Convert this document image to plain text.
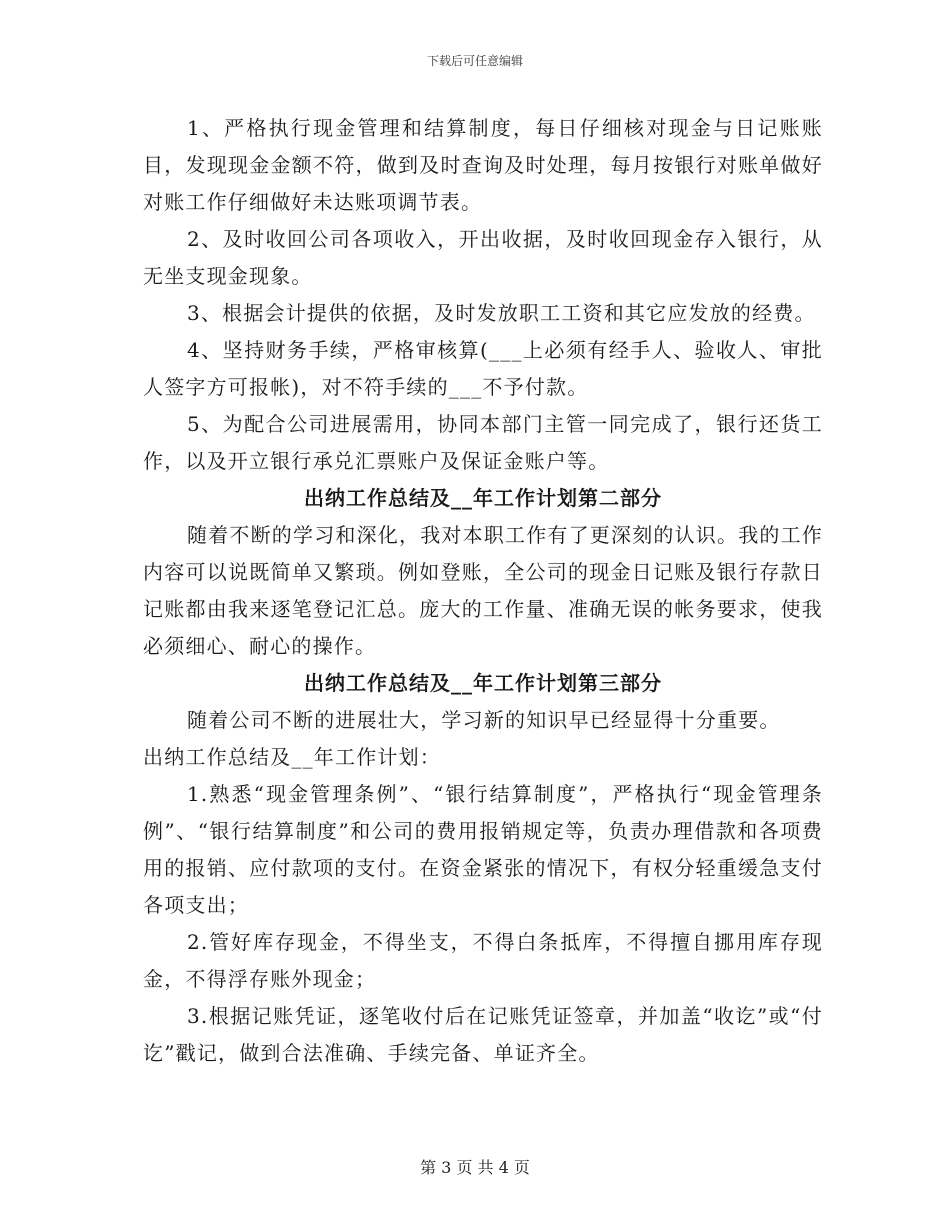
下载后可任意编辑

1、严格执行现金管理和结算制度，每日仔细核对现金与日记账账目，发现现金金额不符，做到及时查询及时处理，每月按银行对账单做好对账工作仔细做好未达账项调节表。

2、及时收回公司各项收入，开出收据，及时收回现金存入银行，从无坐支现金现象。

3、根据会计提供的依据，及时发放职工工资和其它应发放的经费。

4、坚持财务手续，严格审核算(___上必须有经手人、验收人、审批人签字方可报帐)，对不符手续的___不予付款。

5、为配合公司进展需用，协同本部门主管一同完成了，银行还货工作，以及开立银行承兑汇票账户及保证金账户等。

出纳工作总结及__年工作计划第二部分

随着不断的学习和深化，我对本职工作有了更深刻的认识。我的工作内容可以说既简单又繁琐。例如登账，全公司的现金日记账及银行存款日记账都由我来逐笔登记汇总。庞大的工作量、准确无误的帐务要求，使我必须细心、耐心的操作。

出纳工作总结及__年工作计划第三部分

随着公司不断的进展壮大，学习新的知识早已经显得十分重要。

出纳工作总结及__年工作计划：

1.熟悉“现金管理条例”、“银行结算制度”，严格执行“现金管理条例”、“银行结算制度”和公司的费用报销规定等，负责办理借款和各项费用的报销、应付款项的支付。在资金紧张的情况下，有权分轻重缓急支付各项支出；

2.管好库存现金，不得坐支，不得白条抵库，不得擅自挪用库存现金，不得浮存账外现金；

3.根据记账凭证，逐笔收付后在记账凭证签章，并加盖“收讫”或“付讫”戳记，做到合法准确、手续完备、单证齐全。

第 3 页 共 4 页
